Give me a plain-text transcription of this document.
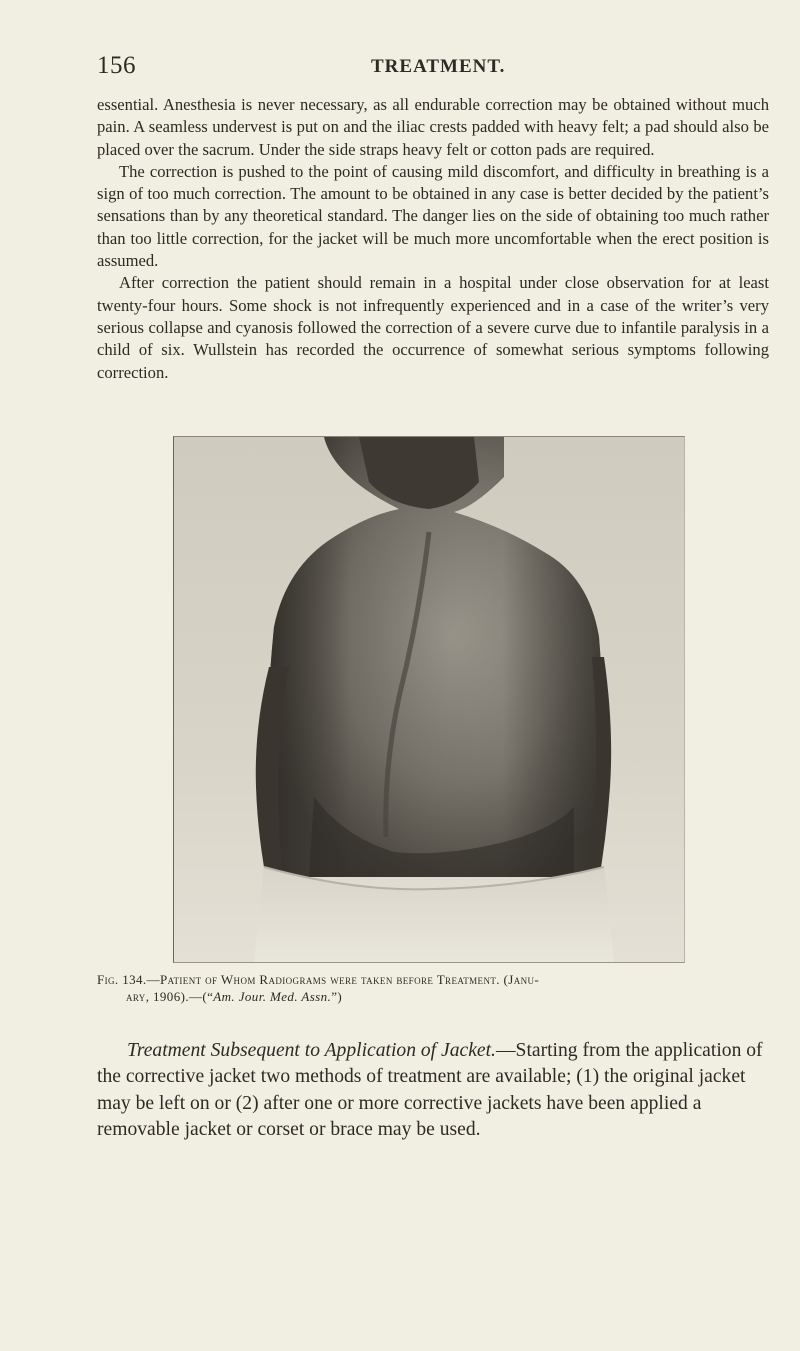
156	TREATMENT.

essential. Anesthesia is never necessary, as all endurable correction may be obtained without much pain. A seamless undervest is put on and the iliac crests padded with heavy felt; a pad should also be placed over the sacrum. Under the side straps heavy felt or cotton pads are required.

The correction is pushed to the point of causing mild discomfort, and difficulty in breathing is a sign of too much correction. The amount to be obtained in any case is better decided by the patient’s sensations than by any theoretical standard. The danger lies on the side of obtaining too much rather than too little correction, for the jacket will be much more uncomfortable when the erect position is assumed.

After correction the patient should remain in a hospital under close observation for at least twenty-four hours. Some shock is not infrequently experienced and in a case of the writer’s very serious collapse and cyanosis followed the correction of a severe curve due to infantile paralysis in a child of six. Wullstein has recorded the occurrence of somewhat serious symptoms following correction.

Fig. 134.—Patient of Whom Radiograms were taken before Treatment. (Janu-
ary, 1906).—(“Am. Jour. Med. Assn.”)

Treatment Subsequent to Application of Jacket.—Starting from the application of the corrective jacket two methods of treatment are available; (1) the original jacket may be left on or (2) after one or more corrective jackets have been applied a removable jacket or corset or brace may be used.
